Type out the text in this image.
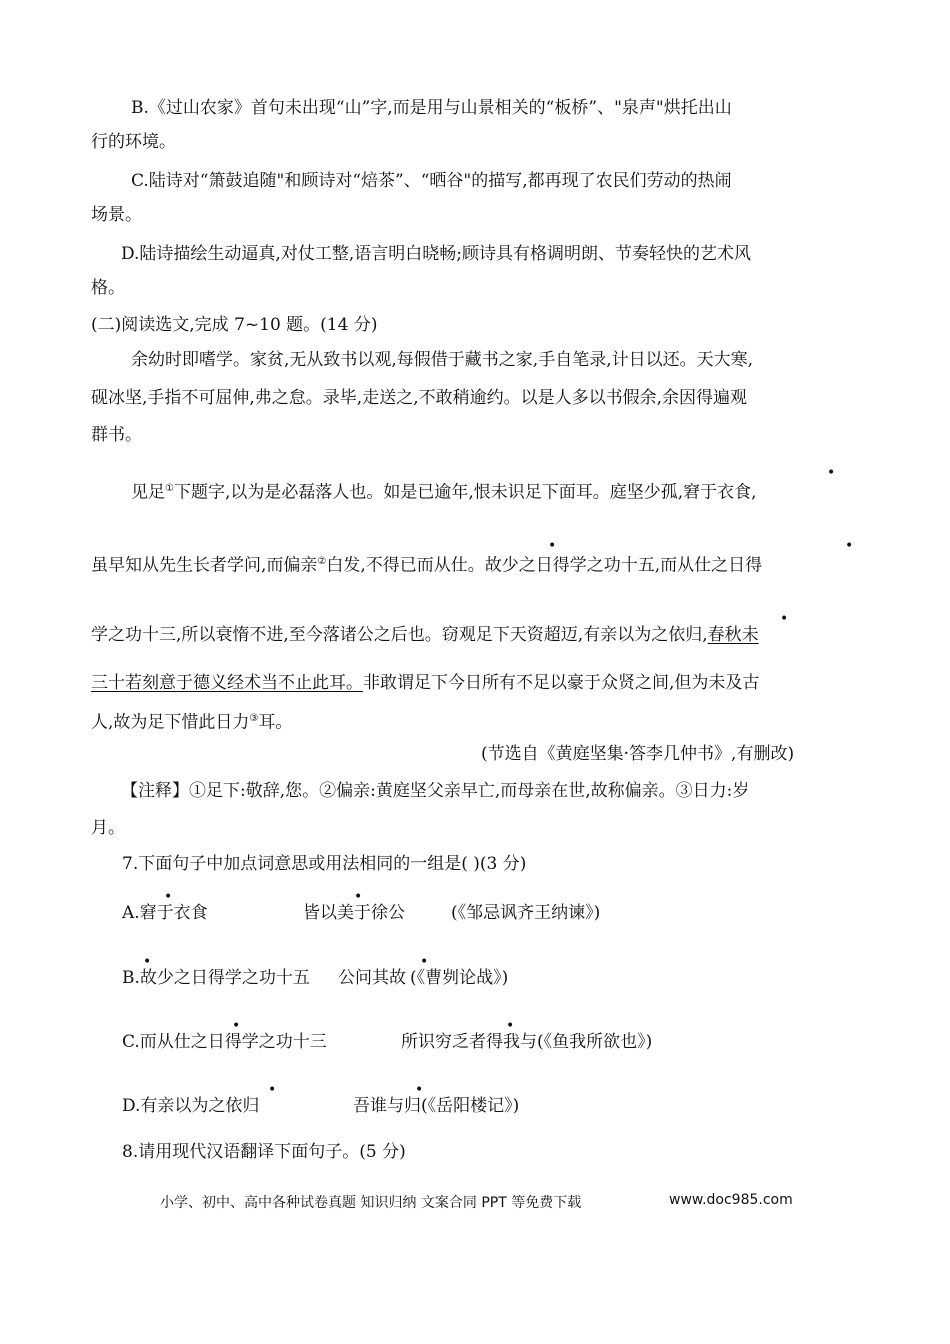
B.《过山农家》首句未出现“山”字,而是用与山景相关的“板桥”、"泉声"烘托出山
行的环境。
C.陆诗对“箫鼓追随"和顾诗对“焙茶”、“晒谷"的描写,都再现了农民们劳动的热闹
场景。
D.陆诗描绘生动逼真,对仗工整,语言明白晓畅;顾诗具有格调明朗、节奏轻快的艺术风
格。
(二)阅读选文,完成 7~10 题。(14 分)
余幼时即嗜学。家贫,无从致书以观,每假借于藏书之家,手自笔录,计日以还。天大寒,
砚冰坚,手指不可屈伸,弗之怠。录毕,走送之,不敢稍逾约。以是人多以书假余,余因得遍观
群书。
•
见足①下题字,以为是必磊落人也。如是已逾年,恨未识足下面耳。庭坚少孤,窘于衣食,
•	•
虽早知从先生长者学问,而偏亲②白发,不得已而从仕。故少之日得学之功十五,而从仕之日得
•
学之功十三,所以衰惰不进,至今落诸公之后也。窃观足下天资超迈,有亲以为之依归,春秋未
三十若刻意于德义经术当不止此耳。非敢谓足下今日所有不足以豪于众贤之间,但为未及古
人,故为足下惜此日力③耳。
(节选自《黄庭坚集·答李几仲书》,有删改)
【注释】①足下:敬辞,您。②偏亲:黄庭坚父亲早亡,而母亲在世,故称偏亲。③日力:岁
月。
7.下面句子中加点词意思或用法相同的一组是( )(3 分)
•	•
A.窘于衣食	皆以美于徐公	(《邹忌讽齐王纳谏》)
•	•
B.故少之日得学之功十五 公问其故 (《曹刿论战》)
•	•
C.而从仕之日得学之功十三	所识穷乏者得我与(《鱼我所欲也》)
•	•
D.有亲以为之依归	吾谁与归(《岳阳楼记》)
8.请用现代汉语翻译下面句子。(5 分)
小学、初中、高中各种试卷真题 知识归纳 文案合同 PPT 等免费下载	www.doc985.com
